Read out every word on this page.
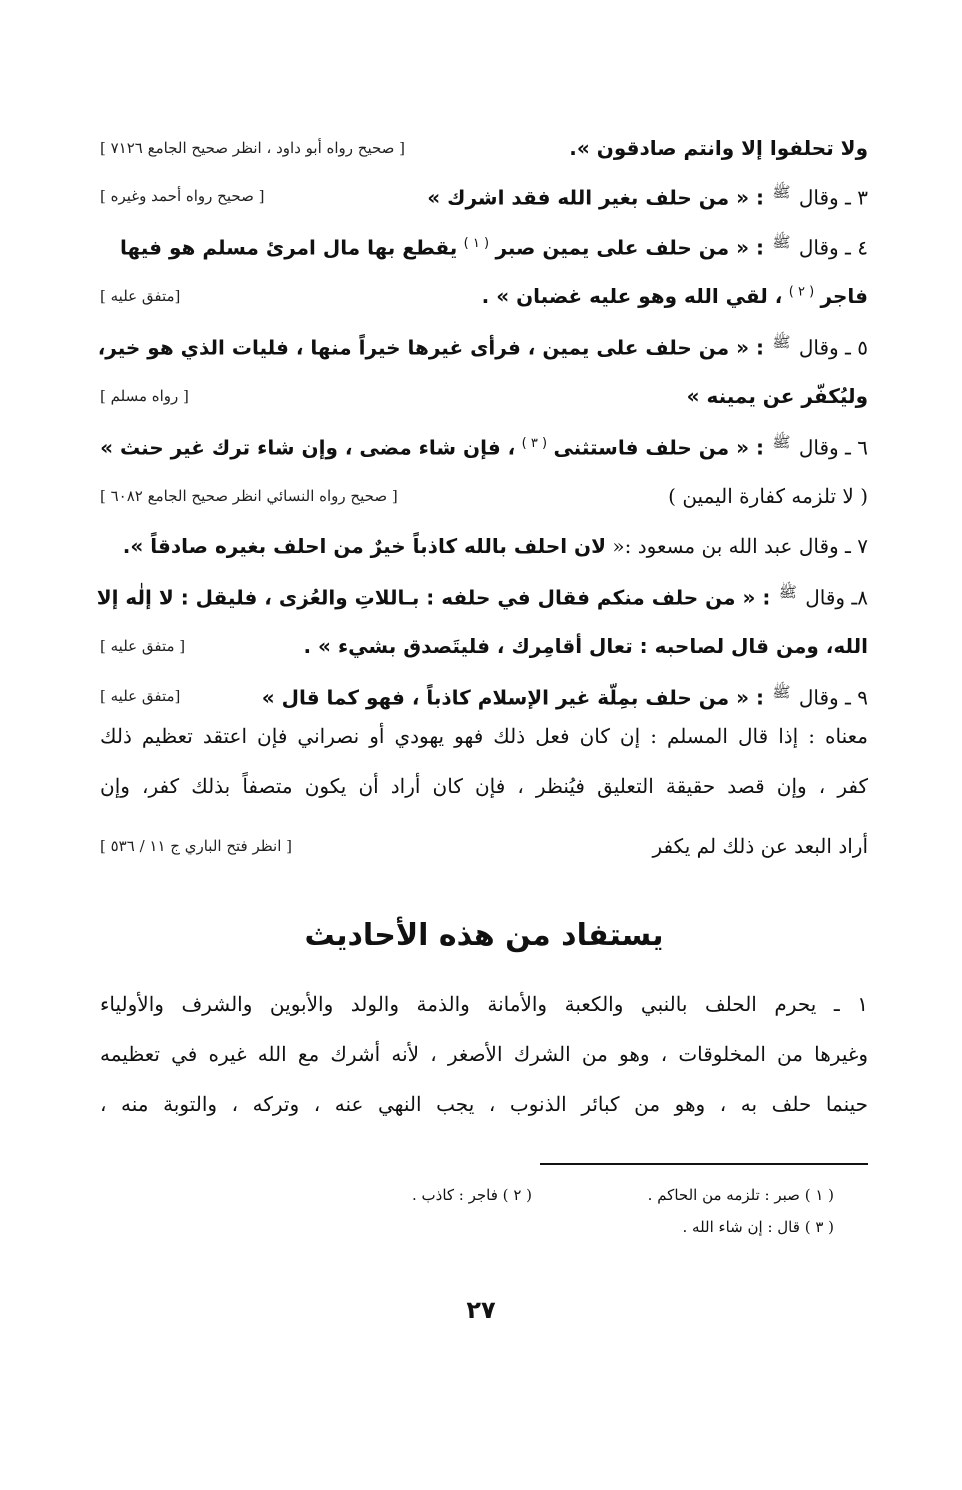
ولا تحلفوا إلا وانتم صادقون ».
[ صحيح رواه أبو داود ، انظر صحيح الجامع ٧١٢٦ ]
٣ ـ وقال ﷺ : « من حلف بغير الله فقد اشرك »
[ صحيح رواه أحمد وغيره ]
٤ ـ وقال ﷺ : « من حلف على يمين صبر $^{( ١ )}$ يقطع بها مال امرئ مسلم هو فيها
فاجر $^{( ٢ )}$ ، لقي الله وهو عليه غضبان » .
[متفق عليه ]
٥ ـ وقال ﷺ : « من حلف على يمين ، فرأى غيرها خيراً منها ، فليات الذي هو خير،
وليُكفّر عن يمينه »
[ رواه مسلم ]
٦ ـ وقال ﷺ : « من حلف فاستثنى $^{( ٣ )}$ ، فإن شاء مضى ، وإن شاء ترك غير حنث »
( لا تلزمه كفارة اليمين )
[ صحيح رواه النسائي انظر صحيح الجامع ٦٠٨٢ ]
٧ ـ وقال عبد الله بن مسعود :« لان احلف بالله كاذباً خيرٌ من احلف بغيره صادقاً ».
٨ـ وقال ﷺ : « من حلف منكم فقال في حلفه : بـاللاتِ والعُزى ، فليقل : لا إلٰه إلا
الله، ومن قال لصاحبه : تعال أقامِرك ، فليتَصدق بشيء » .
[ متفق عليه ]
٩ ـ وقال ﷺ : « من حلف بمِلّة غير الإسلام كاذباً ، فهو كما قال »
[متفق عليه ]
معناه : إذا قال المسلم : إن كان فعل ذلك فهو يهودي أو نصراني فإن اعتقد تعظيم ذلك
كفر ، وإن قصد حقيقة التعليق فيُنظر ، فإن كان أراد أن يكون متصفاً بذلك كفر، وإن
أراد البعد عن ذلك لم يكفر
[ انظر فتح الباري ج ١١ / ٥٣٦ ]
يستفاد من هذه الأحاديث
١ ـ يحرم الحلف بالنبي والكعبة والأمانة والذمة والولد والأبوين والشرف والأولياء
وغيرها من المخلوقات ، وهو من الشرك الأصغر ، لأنه أشرك مع الله غيره في تعظيمه
حينما حلف به ، وهو من كبائر الذنوب ، يجب النهي عنه ، وتركه ، والتوبة منه ،
( ١ ) صبر : تلزمه من الحاكم .
( ٢ ) فاجر : كاذب .
( ٣ ) قال : إن شاء الله .
٢٧
